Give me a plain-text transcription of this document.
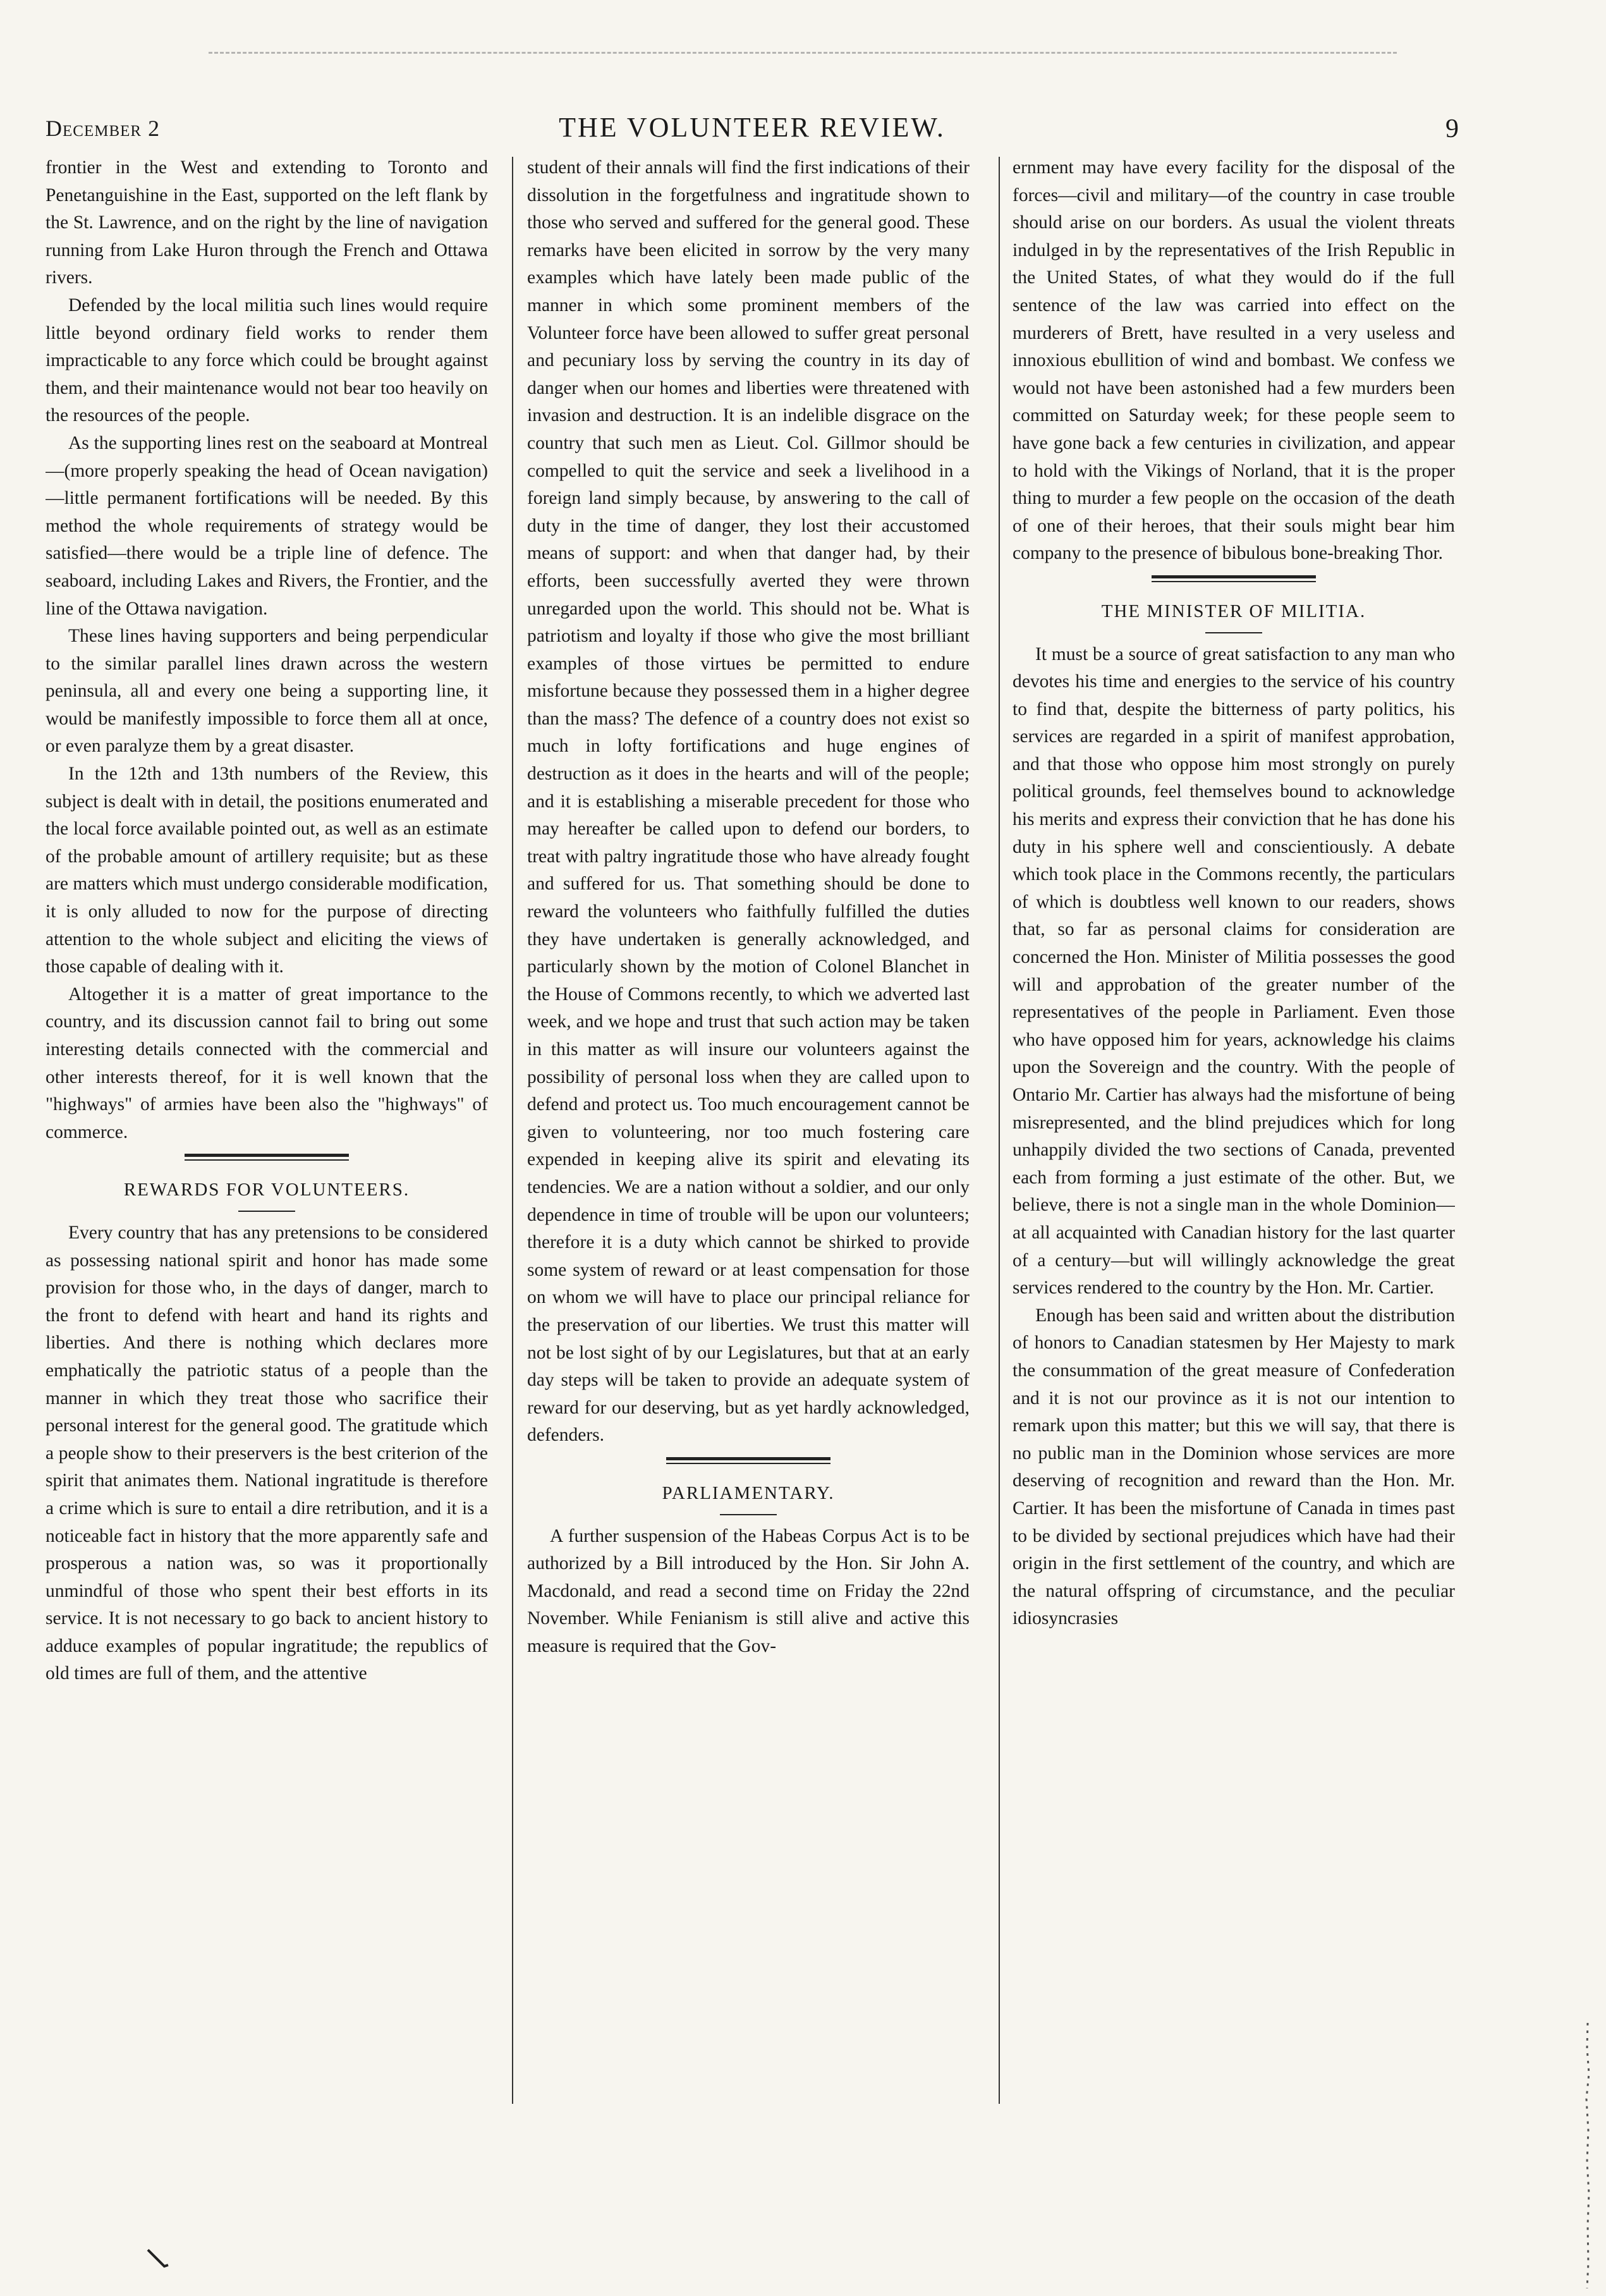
December 2	THE VOLUNTEER REVIEW.	9

frontier in the West and extending to Toronto and Penetanguishine in the East, supported on the left flank by the St. Lawrence, and on the right by the line of navigation running from Lake Huron through the French and Ottawa rivers.

Defended by the local militia such lines would require little beyond ordinary field works to render them impracticable to any force which could be brought against them, and their maintenance would not bear too heavily on the resources of the people.

As the supporting lines rest on the seaboard at Montreal—(more properly speaking the head of Ocean navigation)—little permanent fortifications will be needed. By this method the whole requirements of strategy would be satisfied—there would be a triple line of defence. The seaboard, including Lakes and Rivers, the Frontier, and the line of the Ottawa navigation.

These lines having supporters and being perpendicular to the similar parallel lines drawn across the western peninsula, all and every one being a supporting line, it would be manifestly impossible to force them all at once, or even paralyze them by a great disaster.

In the 12th and 13th numbers of the Review, this subject is dealt with in detail, the positions enumerated and the local force available pointed out, as well as an estimate of the probable amount of artillery requisite; but as these are matters which must undergo considerable modification, it is only alluded to now for the purpose of directing attention to the whole subject and eliciting the views of those capable of dealing with it.

Altogether it is a matter of great importance to the country, and its discussion cannot fail to bring out some interesting details connected with the commercial and other interests thereof, for it is well known that the "highways" of armies have been also the "highways" of commerce.

REWARDS FOR VOLUNTEERS.

Every country that has any pretensions to be considered as possessing national spirit and honor has made some provision for those who, in the days of danger, march to the front to defend with heart and hand its rights and liberties. And there is nothing which declares more emphatically the patriotic status of a people than the manner in which they treat those who sacrifice their personal interest for the general good. The gratitude which a people show to their preservers is the best criterion of the spirit that animates them. National ingratitude is therefore a crime which is sure to entail a dire retribution, and it is a noticeable fact in history that the more apparently safe and prosperous a nation was, so was it proportionally unmindful of those who spent their best efforts in its service. It is not necessary to go back to ancient history to adduce examples of popular ingratitude; the republics of old times are full of them, and the attentive

student of their annals will find the first indications of their dissolution in the forgetfulness and ingratitude shown to those who served and suffered for the general good. These remarks have been elicited in sorrow by the very many examples which have lately been made public of the manner in which some prominent members of the Volunteer force have been allowed to suffer great personal and pecuniary loss by serving the country in its day of danger when our homes and liberties were threatened with invasion and destruction. It is an indelible disgrace on the country that such men as Lieut. Col. Gillmor should be compelled to quit the service and seek a livelihood in a foreign land simply because, by answering to the call of duty in the time of danger, they lost their accustomed means of support: and when that danger had, by their efforts, been successfully averted they were thrown unregarded upon the world. This should not be. What is patriotism and loyalty if those who give the most brilliant examples of those virtues be permitted to endure misfortune because they possessed them in a higher degree than the mass? The defence of a country does not exist so much in lofty fortifications and huge engines of destruction as it does in the hearts and will of the people; and it is establishing a miserable precedent for those who may hereafter be called upon to defend our borders, to treat with paltry ingratitude those who have already fought and suffered for us. That something should be done to reward the volunteers who faithfully fulfilled the duties they have undertaken is generally acknowledged, and particularly shown by the motion of Colonel Blanchet in the House of Commons recently, to which we adverted last week, and we hope and trust that such action may be taken in this matter as will insure our volunteers against the possibility of personal loss when they are called upon to defend and protect us. Too much encouragement cannot be given to volunteering, nor too much fostering care expended in keeping alive its spirit and elevating its tendencies. We are a nation without a soldier, and our only dependence in time of trouble will be upon our volunteers; therefore it is a duty which cannot be shirked to provide some system of reward or at least compensation for those on whom we will have to place our principal reliance for the preservation of our liberties. We trust this matter will not be lost sight of by our Legislatures, but that at an early day steps will be taken to provide an adequate system of reward for our deserving, but as yet hardly acknowledged, defenders.

PARLIAMENTARY.

A further suspension of the Habeas Corpus Act is to be authorized by a Bill introduced by the Hon. Sir John A. Macdonald, and read a second time on Friday the 22nd November. While Fenianism is still alive and active this measure is required that the Gov-

ernment may have every facility for the disposal of the forces—civil and military—of the country in case trouble should arise on our borders. As usual the violent threats indulged in by the representatives of the Irish Republic in the United States, of what they would do if the full sentence of the law was carried into effect on the murderers of Brett, have resulted in a very useless and innoxious ebullition of wind and bombast. We confess we would not have been astonished had a few murders been committed on Saturday week; for these people seem to have gone back a few centuries in civilization, and appear to hold with the Vikings of Norland, that it is the proper thing to murder a few people on the occasion of the death of one of their heroes, that their souls might bear him company to the presence of bibulous bone-breaking Thor.

THE MINISTER OF MILITIA.

It must be a source of great satisfaction to any man who devotes his time and energies to the service of his country to find that, despite the bitterness of party politics, his services are regarded in a spirit of manifest approbation, and that those who oppose him most strongly on purely political grounds, feel themselves bound to acknowledge his merits and express their conviction that he has done his duty in his sphere well and conscientiously. A debate which took place in the Commons recently, the particulars of which is doubtless well known to our readers, shows that, so far as personal claims for consideration are concerned the Hon. Minister of Militia possesses the good will and approbation of the greater number of the representatives of the people in Parliament. Even those who have opposed him for years, acknowledge his claims upon the Sovereign and the country. With the people of Ontario Mr. Cartier has always had the misfortune of being misrepresented, and the blind prejudices which for long unhappily divided the two sections of Canada, prevented each from forming a just estimate of the other. But, we believe, there is not a single man in the whole Dominion—at all acquainted with Canadian history for the last quarter of a century—but will willingly acknowledge the great services rendered to the country by the Hon. Mr. Cartier.

Enough has been said and written about the distribution of honors to Canadian statesmen by Her Majesty to mark the consummation of the great measure of Confederation and it is not our province as it is not our intention to remark upon this matter; but this we will say, that there is no public man in the Dominion whose services are more deserving of recognition and reward than the Hon. Mr. Cartier. It has been the misfortune of Canada in times past to be divided by sectional prejudices which have had their origin in the first settlement of the country, and which are the natural offspring of circumstance, and the peculiar idiosyncrasies
